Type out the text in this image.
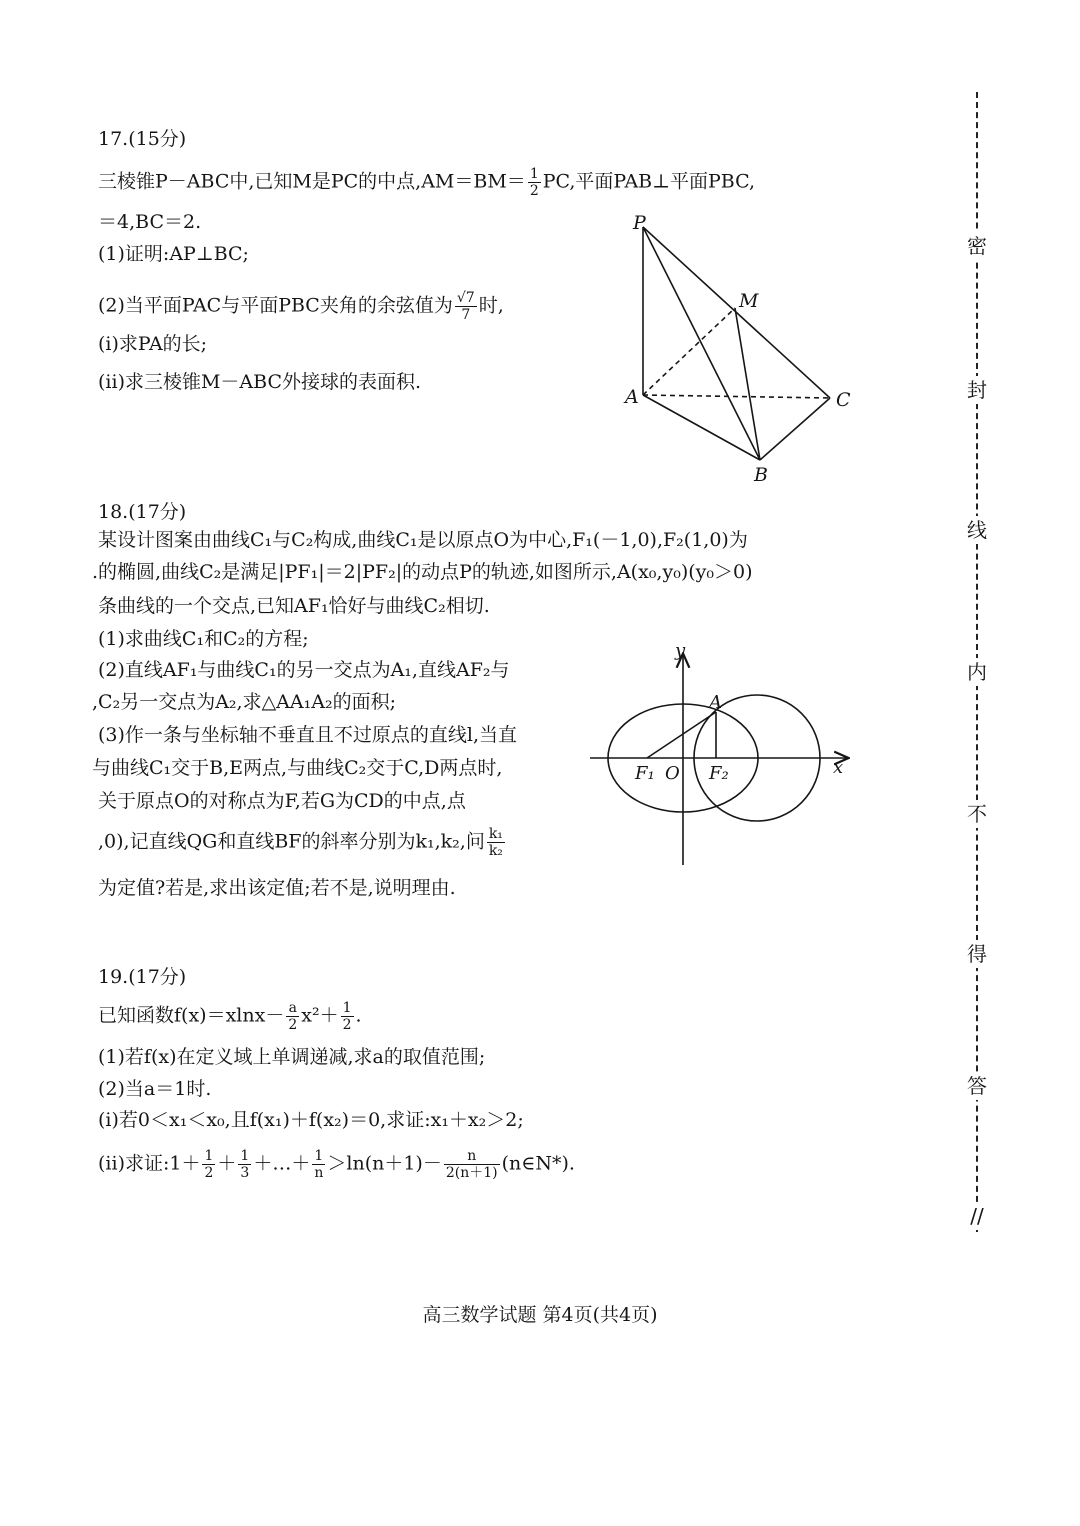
17.(15分)
三棱锥P－ABC中,已知M是PC的中点$,AM=BM= \frac{1}{2}$ PC,平面PAB⊥平面PBC,
＝4,BC＝2.
(1)证明:AP⊥BC;
(2)当平面PAC与平面PBC夹角的余弦值为 $\frac{√7}{7}$ 时,
(i)求PA的长;
(ii)求三棱锥M－ABC外接球的表面积.
P
M
A	C
B
18.(17分)
某设计图案由曲线C₁与C₂构成,曲线C₁是以原点O为中心,F₁(－1,0),F₂(1,0)为
.的椭圆,曲线C₂是满足|PF₁|＝2|PF₂|的动点P的轨迹,如图所示,A(x₀,y₀)(y₀＞0)
条曲线的一个交点,已知AF₁恰好与曲线C₂相切.
(1)求曲线C₁和C₂的方程;
(2)直线AF₁与曲线C₁的另一交点为A₁,直线AF₂与
,C₂另一交点为A₂,求△AA₁A₂的面积;
(3)作一条与坐标轴不垂直且不过原点的直线l,当直
与曲线C₁交于B,E两点,与曲线C₂交于C,D两点时,
关于原点O的对称点为F,若G为CD的中点,点
,0),记直线QG和直线BF的斜率分别为k₁,k₂,问 $\frac{\text{k₁}}{\text{k₂}}$
为定值?若是,求出该定值;若不是,说明理由.
y
x
A
F₁ O F₂
19.(17分)
已知函数$f(x)=xlnx- \frac{a}{2} x^2+ \frac{1}{2}$ .
(1)若f(x)在定义域上单调递减,求a的取值范围;
(2)当a＝1时.
(i)若0＜x₁＜x₀,且f(x₁)＋f(x₂)＝0,求证:x₁＋x₂＞2;
(ii)求证:1＋ $\frac{1}{2} + \frac{1}{3}$ ＋…＋ $\frac{1}{n} >\ln(n+1)- \frac{n}{2(n+1)}$ (n∈N*).
高三数学试题 第4页(共4页)
密
封
线
内
不
得
答
//
